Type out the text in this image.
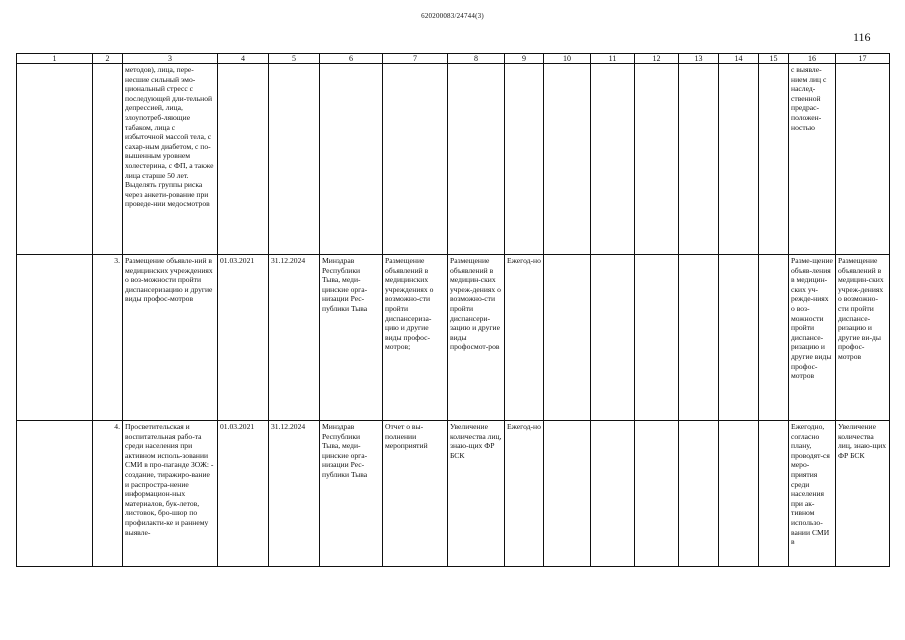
620200083/24744(3)
116
1	2	3	4	5	6	7	8	9	10	11	12	13	14	15	16	17
		методов), лица, пере-несшие сильный эмо-циональный стресс с последующей дли-тельной депрессией, лица, злоупотреб-ляющие табаком, лица с избыточной массой тела, с сахар-ным диабетом, с по-вышенным уровнем холестерина, с ФП, а также лица старше 50 лет. Выделять группы риска через анкети-рование при проведе-нии медосмотров													с выявле-нием лиц с наслед-ственной предрас-положен-ностью	
	3.	Размещение объявле-ний в медицинских учреждениях о воз-можности пройти диспансеризацию и другие виды профос-мотров	01.03.2021	31.12.2024	Минздрав Республики Тыва, меди-цинские орга-низации Рес-публики Тыва	Размещение объявлений в медицинских учреждениях о возможно-сти пройти диспансериза-цию и другие виды профос-мотров;	Размещение объявлений в медицин-ских учреж-дениях о возможно-сти пройти диспансери-зацию и другие виды профосмот-ров	Ежегод-но							Разме-щение объяв-ления в медицин-ских уч-режде-ниях о воз-можности пройти диспансе-ризацию и другие виды профос-мотров	Размещение объявлений в медицин-ских учреж-дениях о возможно-сти пройти диспансе-ризацию и другие ви-ды профос-мотров
	4.	Просветительская и воспитательная рабо-та среди населения при активном исполь-зовании СМИ в про-паганде ЗОЖ: - создание, тиражиро-вание и распростра-нение информацион-ных материалов, бук-летов, листовок, бро-шюр по профилакти-ке и раннему выявле-	01.03.2021	31.12.2024	Минздрав Республики Тыва, меди-цинские орга-низации Рес-публики Тыва	Отчет о вы-полнении мероприятий	Увеличение количества лиц, знаю-щих ФР БСК	Ежегод-но							Ежегодно, согласно плану, проводят-ся меро-приятия среди населения при ак-тивном использо-вании СМИ в	Увеличение количества лиц, знаю-щих ФР БСК
